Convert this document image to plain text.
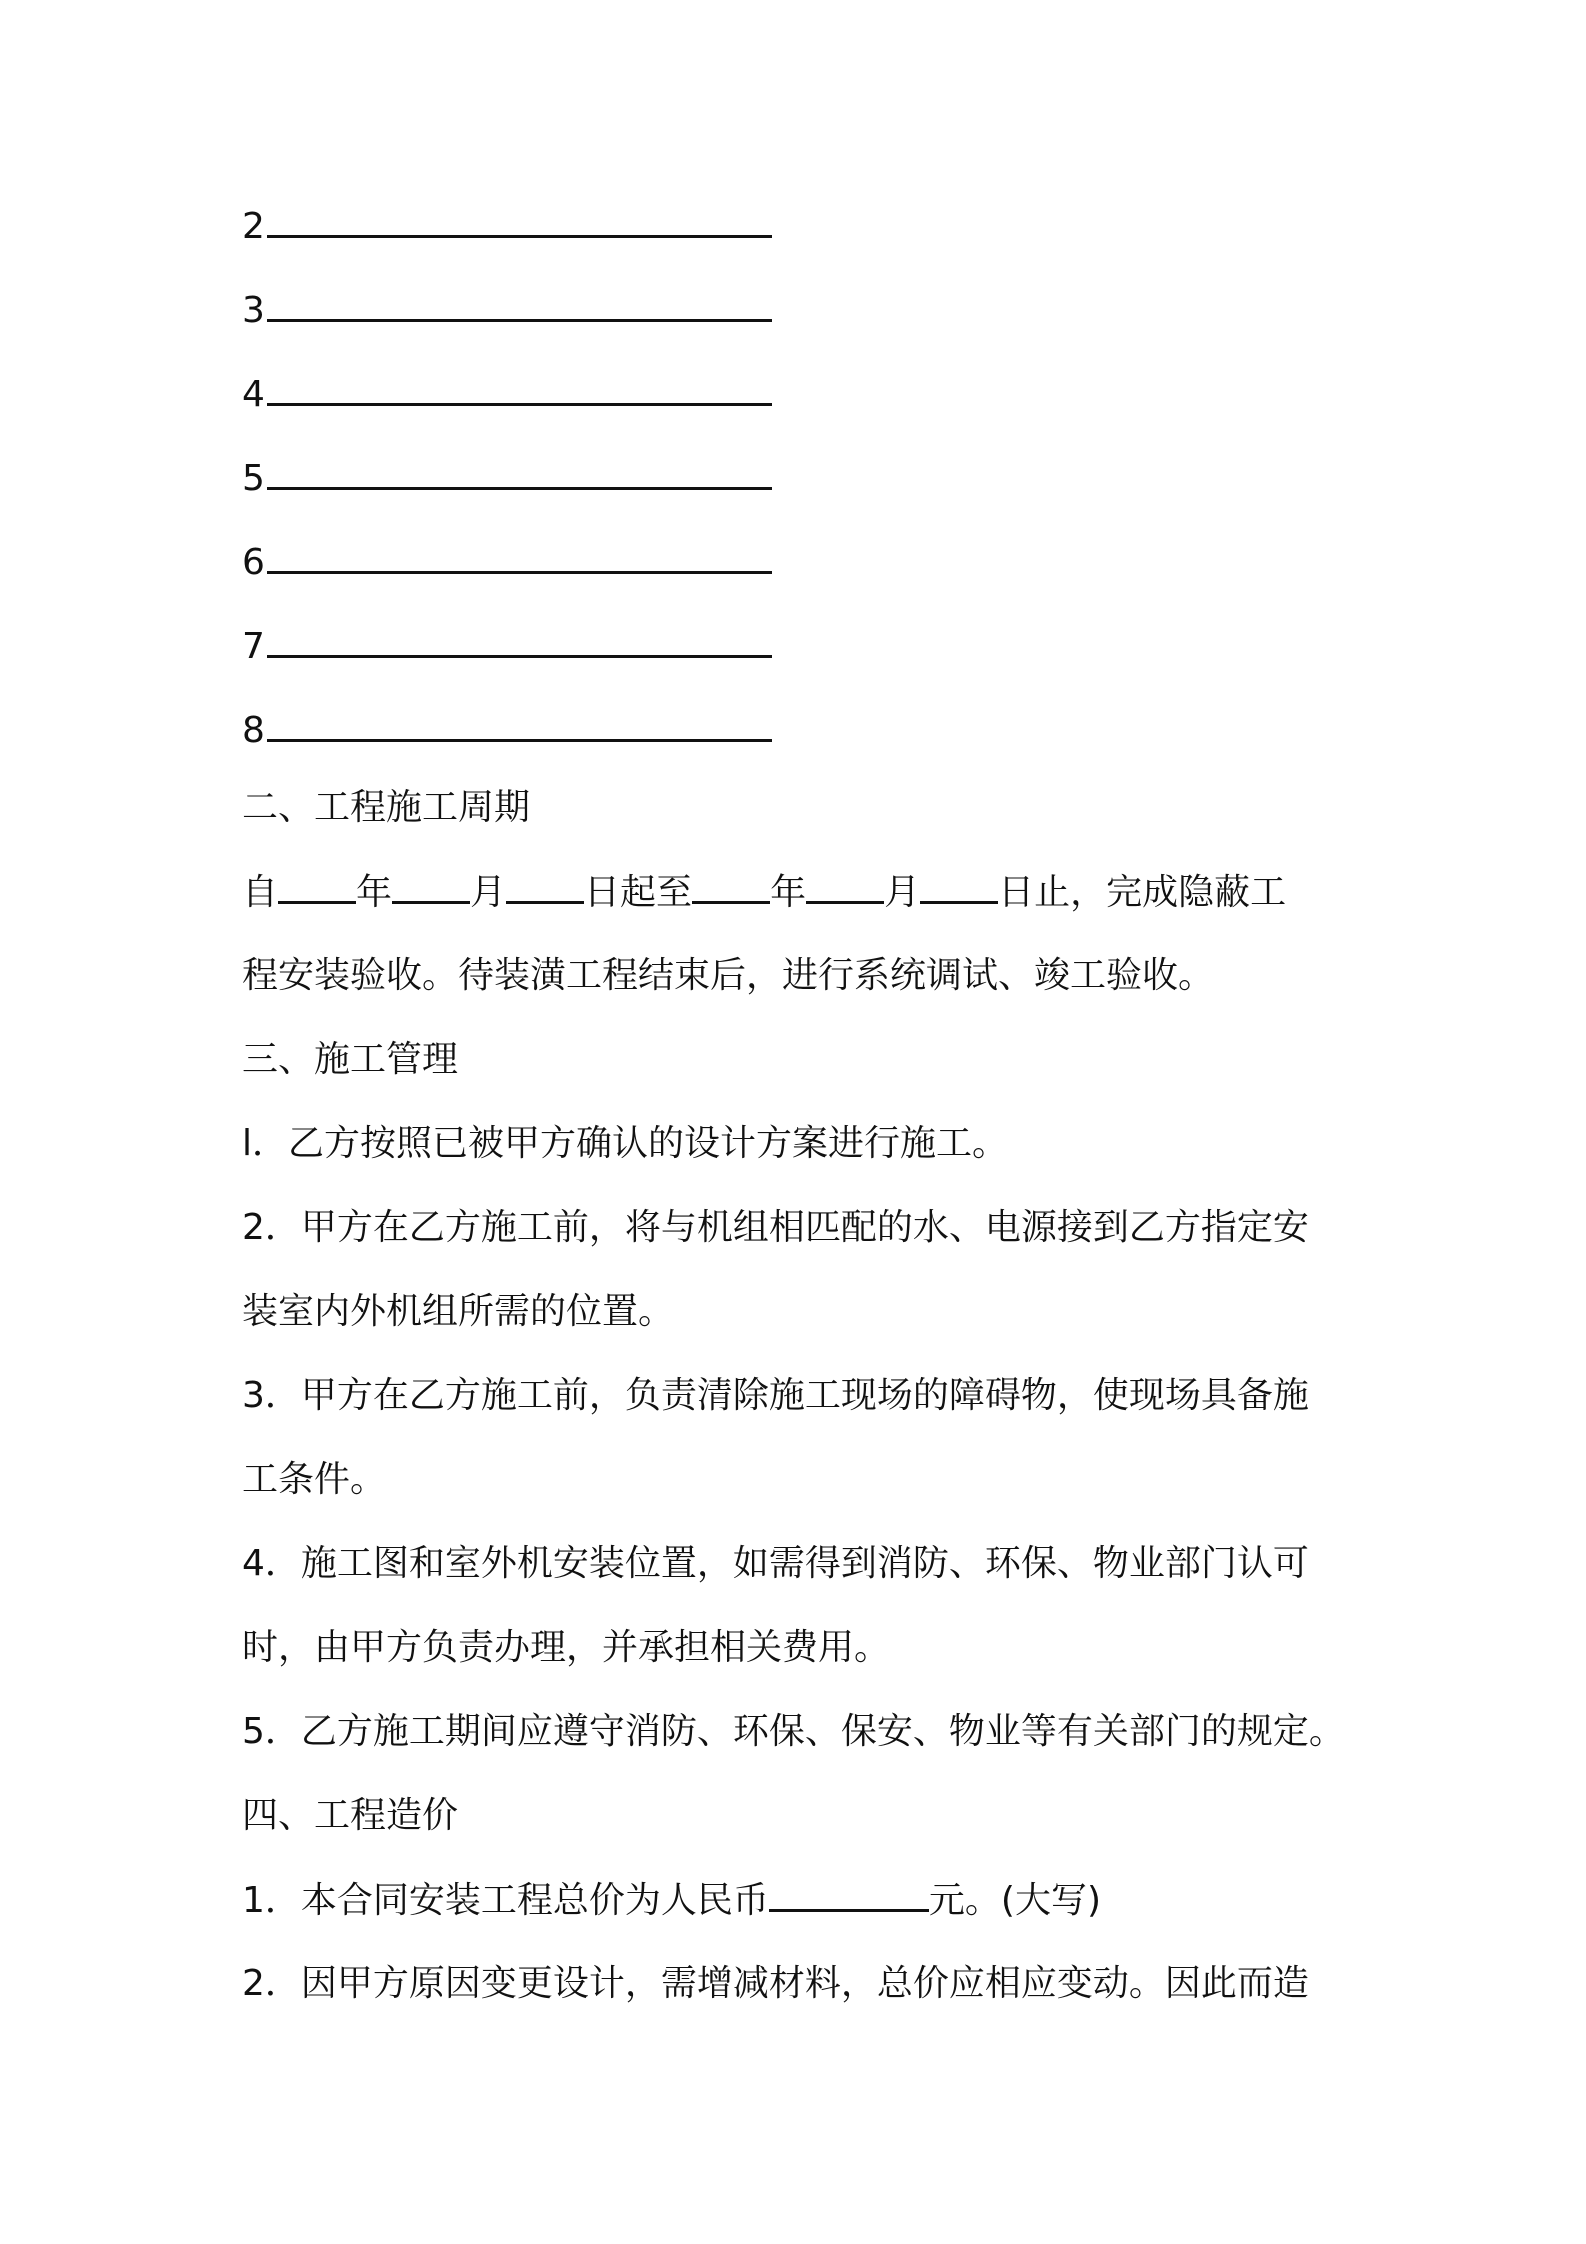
2
3
4
5
6
7
8
二、工程施工周期
自 年 月 日起至 年 月 日止，完成隐蔽工
程安装验收。待装潢工程结束后，进行系统调试、竣工验收。
三、施工管理
l．乙方按照已被甲方确认的设计方案进行施工。
2．甲方在乙方施工前，将与机组相匹配的水、电源接到乙方指定安
装室内外机组所需的位置。
3．甲方在乙方施工前，负责清除施工现场的障碍物，使现场具备施
工条件。
4．施工图和室外机安装位置，如需得到消防、环保、物业部门认可
时，由甲方负责办理，并承担相关费用。
5．乙方施工期间应遵守消防、环保、保安、物业等有关部门的规定。
四、工程造价
1．本合同安装工程总价为人民币	元。(大写)
2．因甲方原因变更设计，需增减材料，总价应相应变动。因此而造
